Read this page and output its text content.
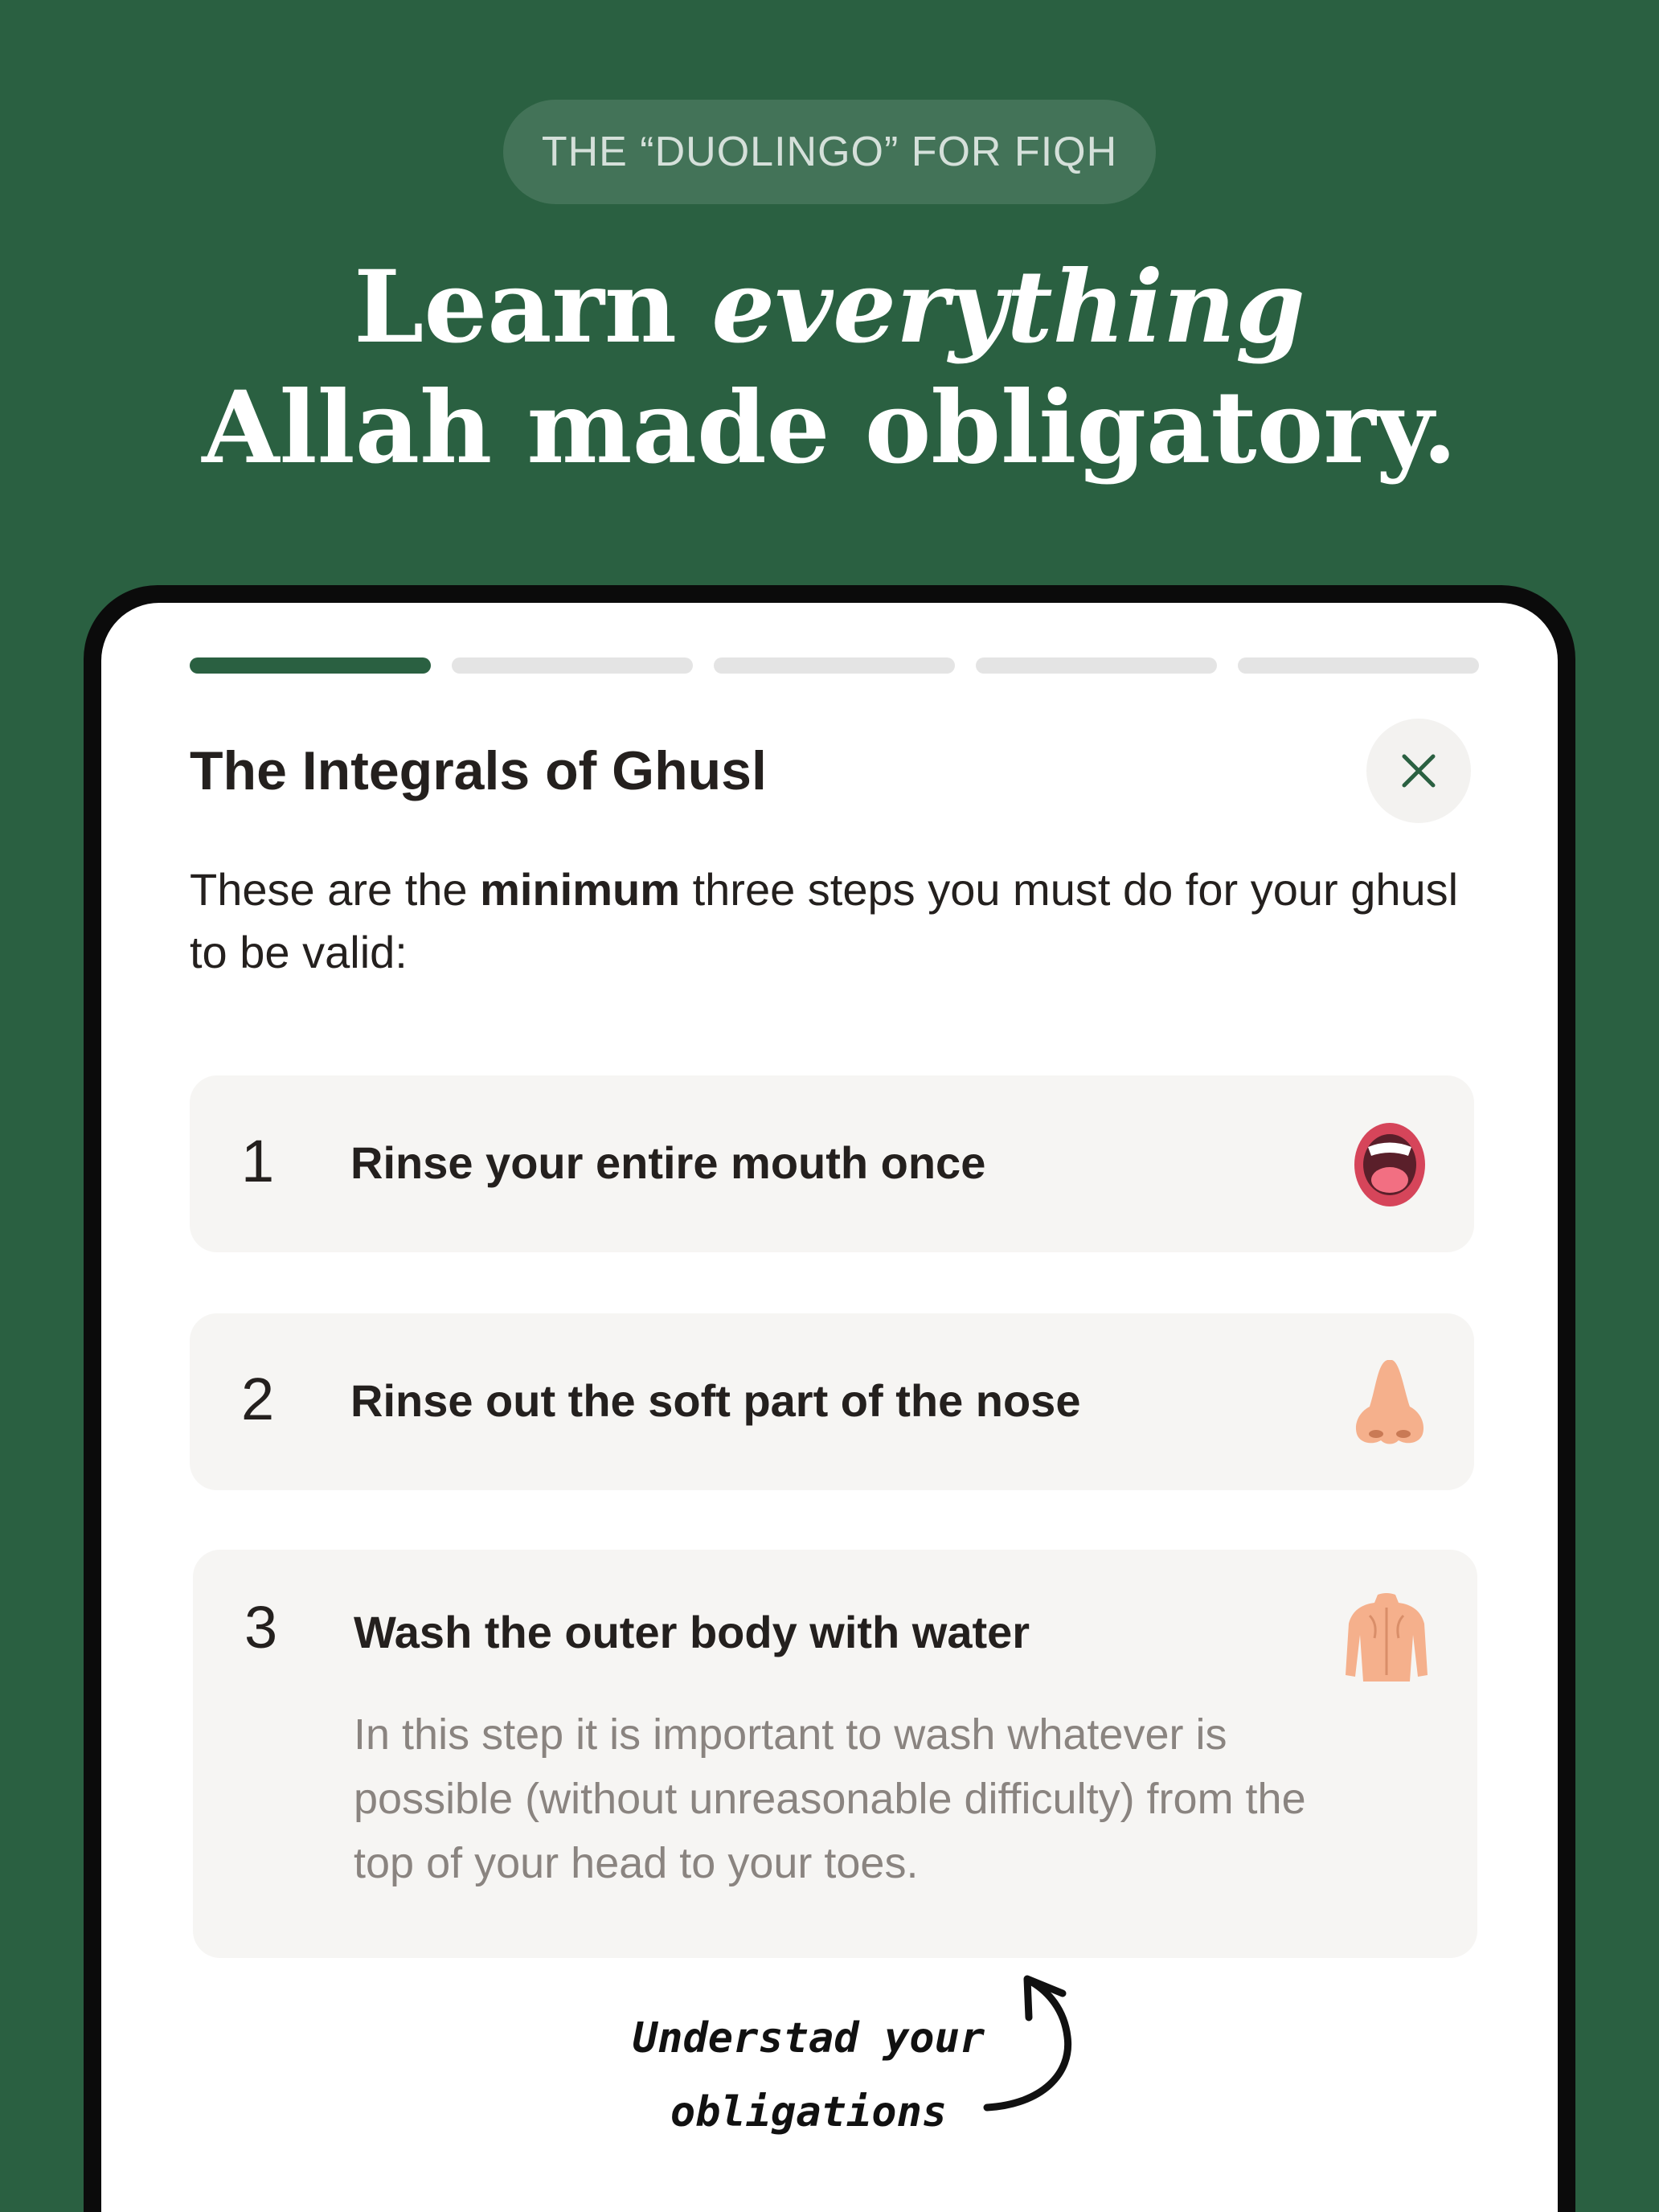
THE “DUOLINGO” FOR FIQH
Learn everything
Allah made obligatory.
The Integrals of Ghusl

These are the minimum three steps you must do for your ghusl to be valid:

1 Rinse your entire mouth once
2 Rinse out the soft part of the nose
3 Wash the outer body with water

In this step it is important to wash whatever is possible (without unreasonable difficulty) from the top of your head to your toes.

Understad your
obligations
